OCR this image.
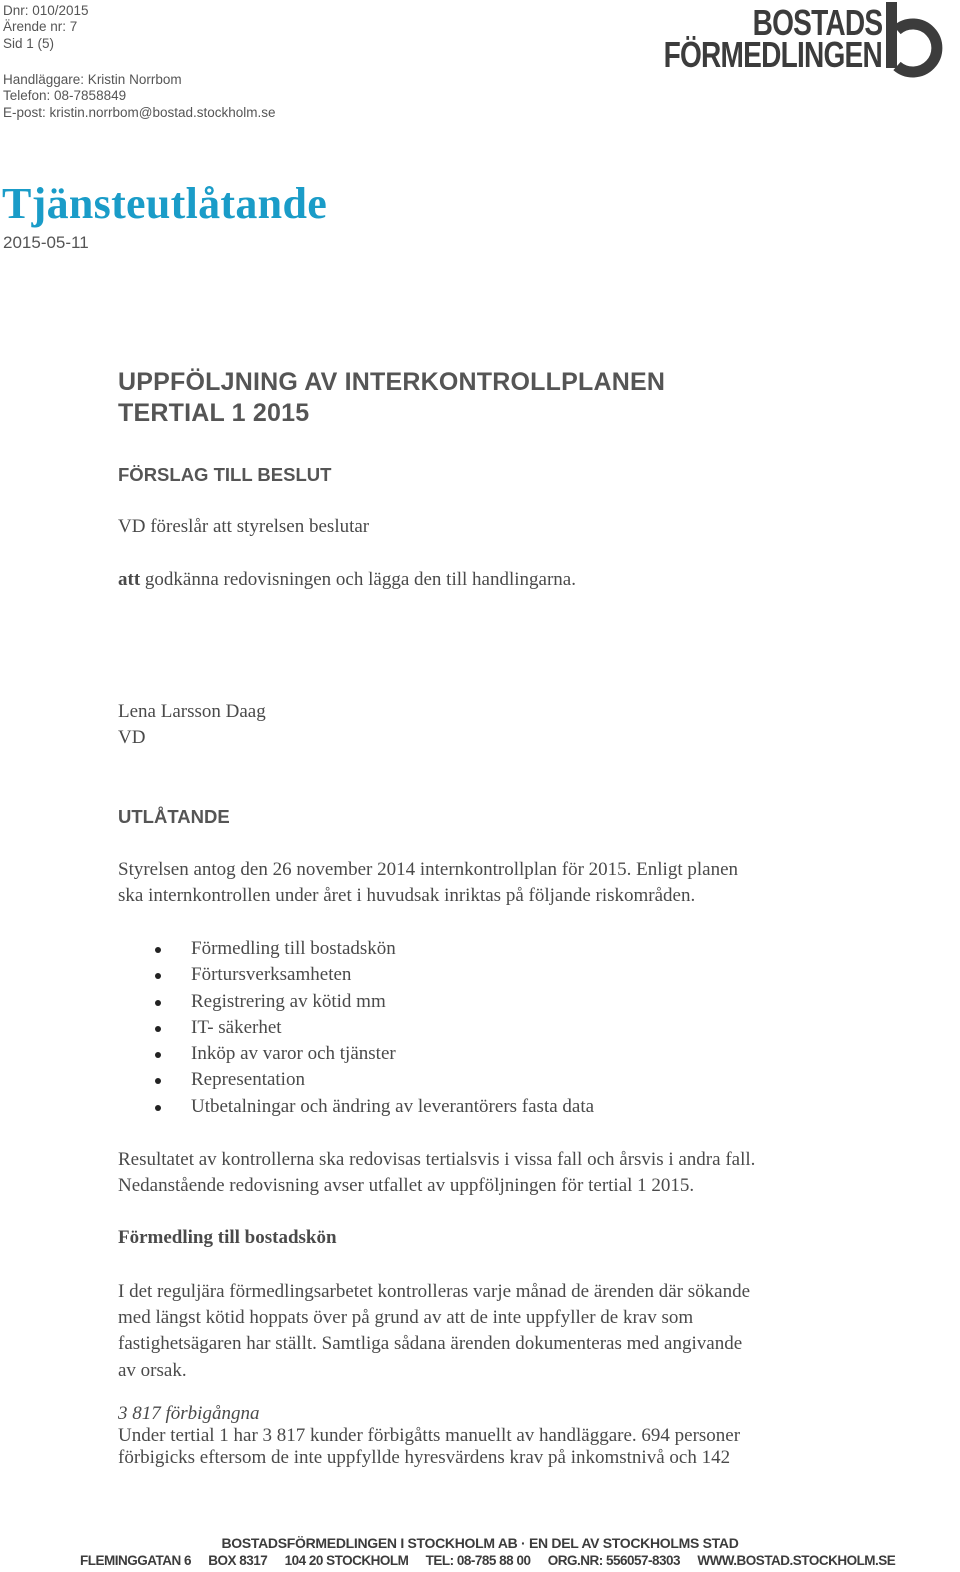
Dnr: 010/2015
Ärende nr: 7
Sid 1 (5)
Handläggare: Kristin Norrbom
Telefon: 08-7858849
E-post: kristin.norrbom@bostad.stockholm.se
BOSTADS
FÖRMEDLINGEN
Tjänsteutlåtande
2015-05-11
UPPFÖLJNING AV INTERKONTROLLPLANEN
TERTIAL 1 2015
FÖRSLAG TILL BESLUT
VD föreslår att styrelsen beslutar
att godkänna redovisningen och lägga den till handlingarna.
Lena Larsson Daag
VD
UTLÅTANDE
Styrelsen antog den 26 november 2014 internkontrollplan för 2015. Enligt planen
ska internkontrollen under året i huvudsak inriktas på följande riskområden.
Förmedling till bostadskön
Förtursverksamheten
Registrering av kötid mm
IT- säkerhet
Inköp av varor och tjänster
Representation
Utbetalningar och ändring av leverantörers fasta data
Resultatet av kontrollerna ska redovisas tertialsvis i vissa fall och årsvis i andra fall.
Nedanstående redovisning avser utfallet av uppföljningen för tertial 1 2015.
Förmedling till bostadskön
I det reguljära förmedlingsarbetet kontrolleras varje månad de ärenden där sökande
med längst kötid hoppats över på grund av att de inte uppfyller de krav som
fastighetsägaren har ställt. Samtliga sådana ärenden dokumenteras med angivande
av orsak.
3 817 förbigångna
Under tertial 1 har 3 817 kunder förbigåtts manuellt av handläggare. 694 personer
förbigicks eftersom de inte uppfyllde hyresvärdens krav på inkomstnivå och 142
BOSTADSFÖRMEDLINGEN I STOCKHOLM AB · EN DEL AV STOCKHOLMS STAD
FLEMINGGATAN 6 BOX 8317 104 20 STOCKHOLM TEL: 08-785 88 00 ORG.NR: 556057-8303 WWW.BOSTAD.STOCKHOLM.SE
